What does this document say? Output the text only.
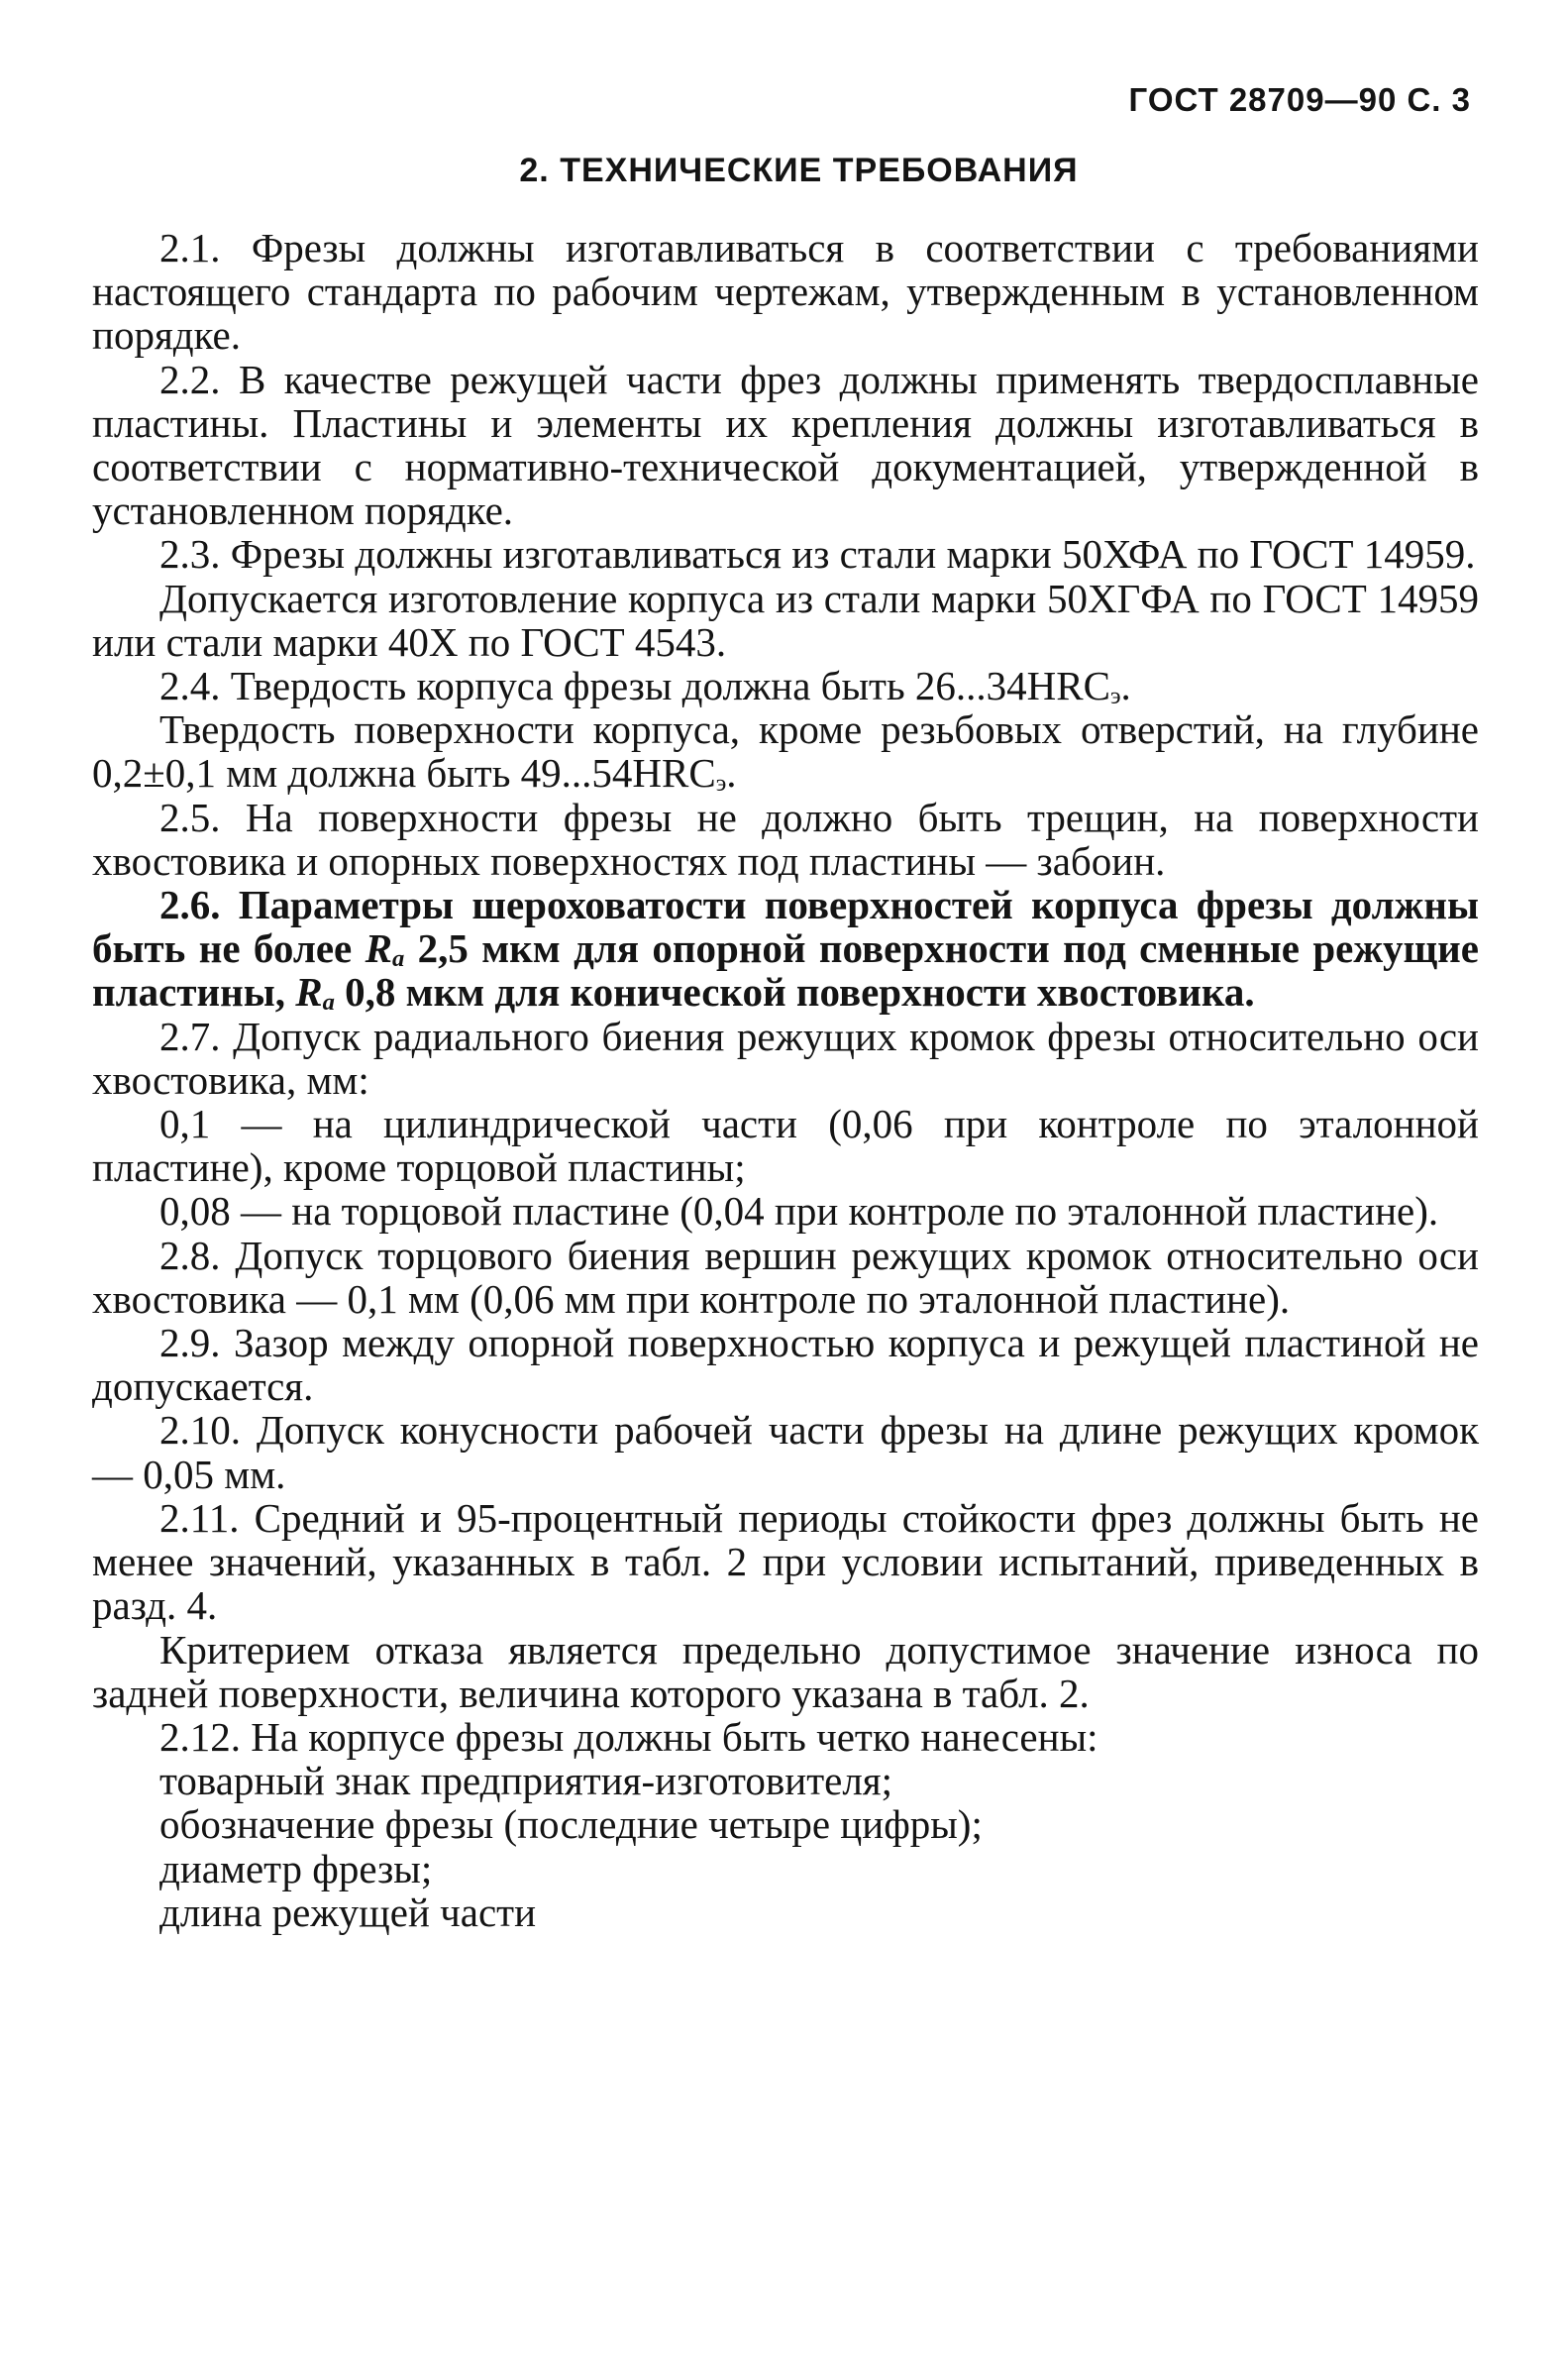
ГОСТ 28709—90 С. 3
2. ТЕХНИЧЕСКИЕ ТРЕБОВАНИЯ

2.1. Фрезы должны изготавливаться в соответствии с требованиями настоящего стандарта по рабочим чертежам, утвержденным в установленном порядке.

2.2. В качестве режущей части фрез должны применять твердосплавные пластины. Пластины и элементы их крепления должны изготавливаться в соответствии с нормативно-технической документацией, утвержденной в установленном порядке.

2.3. Фрезы должны изготавливаться из стали марки 50ХФА по ГОСТ 14959.

Допускается изготовление корпуса из стали марки 50ХГФА по ГОСТ 14959 или стали марки 40Х по ГОСТ 4543.

2.4. Твердость корпуса фрезы должна быть $26...34HRC_э$.

Твердость поверхности корпуса, кроме резьбовых отверстий, на глубине 0,2±0,1 мм должна быть $49...54HRC_э$.

2.5. На поверхности фрезы не должно быть трещин, на поверхности хвостовика и опорных поверхностях под пластины — забоин.

2.6. Параметры шероховатости поверхностей корпуса фрезы должны быть не более $R_a$ 2,5 мкм для опорной поверхности под сменные режущие пластины, $R_a$ 0,8 мкм для конической поверхности хвостовика.

2.7. Допуск радиального биения режущих кромок фрезы относительно оси хвостовика, мм:

0,1 — на цилиндрической части (0,06 при контроле по эталонной пластине), кроме торцовой пластины;

0,08 — на торцовой пластине (0,04 при контроле по эталонной пластине).

2.8. Допуск торцового биения вершин режущих кромок относительно оси хвостовика — 0,1 мм (0,06 мм при контроле по эталонной пластине).

2.9. Зазор между опорной поверхностью корпуса и режущей пластиной не допускается.

2.10. Допуск конусности рабочей части фрезы на длине режущих кромок — 0,05 мм.

2.11. Средний и 95-процентный периоды стойкости фрез должны быть не менее значений, указанных в табл. 2 при условии испытаний, приведенных в разд. 4.

Критерием отказа является предельно допустимое значение износа по задней поверхности, величина которого указана в табл. 2.

2.12. На корпусе фрезы должны быть четко нанесены:

товарный знак предприятия-изготовителя;

обозначение фрезы (последние четыре цифры);

диаметр фрезы;

длина режущей части
